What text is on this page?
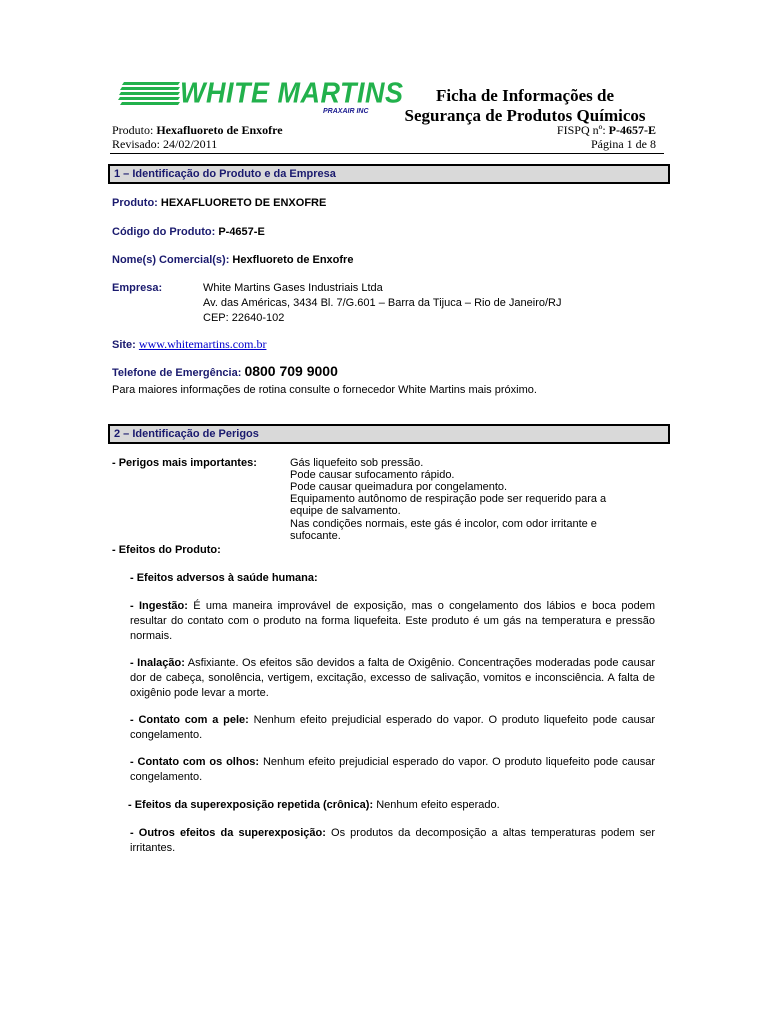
WHITE MARTINS
PRAXAIR INC
Ficha de Informações de
Segurança de Produtos Químicos
Produto: Hexafluoreto de Enxofre
Revisado: 24/02/2011
FISPQ nº: P-4657-E
Página 1 de 8
1 – Identificação do Produto e da Empresa
Produto: HEXAFLUORETO DE ENXOFRE
Código do Produto: P-4657-E
Nome(s) Comercial(s): Hexfluoreto de Enxofre
Empresa:	White Martins Gases Industriais Ltda
Av. das Américas, 3434 Bl. 7/G.601 – Barra da Tijuca – Rio de Janeiro/RJ
CEP: 22640-102
Site: www.whitemartins.com.br
Telefone de Emergência: 0800 709 9000
Para maiores informações de rotina consulte o fornecedor White Martins mais próximo.
2 – Identificação de Perigos
- Perigos mais importantes:	Gás liquefeito sob pressão.
Pode causar sufocamento rápido.
Pode causar queimadura por congelamento.
Equipamento autônomo de respiração pode ser requerido para a
equipe de salvamento.
Nas condições normais, este gás é incolor, com odor irritante e
sufocante.
- Efeitos do Produto:
- Efeitos adversos à saúde humana:
- Ingestão: É uma maneira improvável de exposição, mas o congelamento dos lábios e boca podem resultar do contato com o produto na forma liquefeita. Este produto é um gás na temperatura e pressão normais.
- Inalação: Asfixiante. Os efeitos são devidos a falta de Oxigênio. Concentrações moderadas pode causar dor de cabeça, sonolência, vertigem, excitação, excesso de salivação, vomitos e inconsciência. A falta de oxigênio pode levar a morte.
- Contato com a pele: Nenhum efeito prejudicial esperado do vapor. O produto liquefeito pode causar congelamento.
- Contato com os olhos: Nenhum efeito prejudicial esperado do vapor. O produto liquefeito pode causar congelamento.
- Efeitos da superexposição repetida (crônica): Nenhum efeito esperado.
- Outros efeitos da superexposição: Os produtos da decomposição a altas temperaturas podem ser irritantes.
